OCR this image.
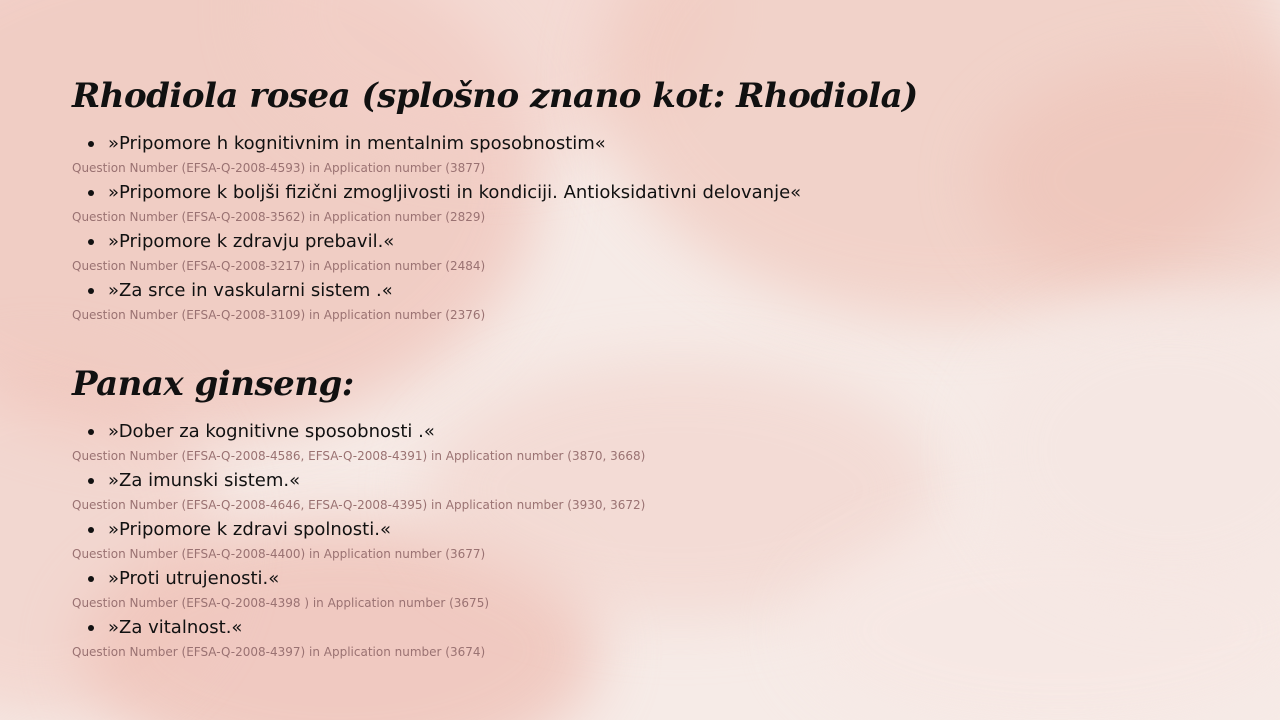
Rhodiola rosea (splošno znano kot: Rhodiola)
»Pripomore h kognitivnim in mentalnim sposobnostim«
Question Number (EFSA-Q-2008-4593) in Application number (3877)
»Pripomore k boljši fizični zmogljivosti in kondiciji. Antioksidativni delovanje«
Question Number (EFSA-Q-2008-3562) in Application number (2829)
»Pripomore k zdravju prebavil.«
Question Number (EFSA-Q-2008-3217) in Application number (2484)
»Za srce in vaskularni sistem .«
Question Number (EFSA-Q-2008-3109) in Application number (2376)
Panax ginseng:
»Dober za kognitivne sposobnosti .«
Question Number (EFSA-Q-2008-4586, EFSA-Q-2008-4391) in Application number (3870, 3668)
»Za imunski sistem.«
Question Number (EFSA-Q-2008-4646, EFSA-Q-2008-4395) in Application number (3930, 3672)
»Pripomore k zdravi spolnosti.«
Question Number (EFSA-Q-2008-4400) in Application number (3677)
»Proti utrujenosti.«
Question Number (EFSA-Q-2008-4398 ) in Application number (3675)
»Za vitalnost.«
Question Number (EFSA-Q-2008-4397) in Application number (3674)
